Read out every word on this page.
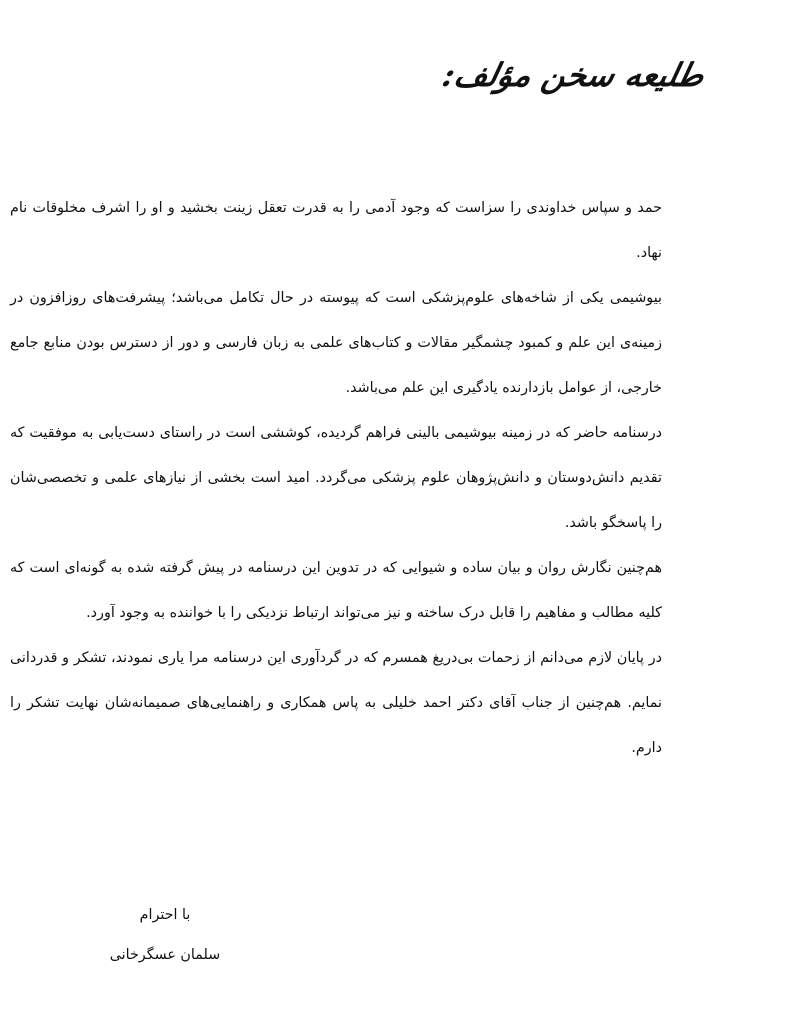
طلیعه سخن مؤلف:

حمد و سپاس خداوندی را سزاست که وجود آدمی را به قدرت تعقل زینت بخشید و او را اشرف مخلوقات نام نهاد.

بیوشیمی یکی از شاخه‌های علوم‌پزشکی است که پیوسته در حال تکامل می‌باشد؛ پیشرفت‌های روزافزون در زمینه‌ی این علم و کمبود چشمگیر مقالات و کتاب‌های علمی به زبان فارسی و دور از دسترس بودن منابع جامع خارجی، از عوامل بازدارنده یادگیری این علم می‌باشد.

درسنامه حاضر که در زمینه بیوشیمی بالینی فراهم گردیده، کوششی است در راستای دست‌یابی به موفقیت که تقدیم دانش‌دوستان و دانش‌پژوهان علوم پزشکی می‌گردد. امید است بخشی از نیازهای علمی و تخصصی‌شان را پاسخگو باشد.

هم‌چنین نگارش روان و بیان ساده و شیوایی که در تدوین این درسنامه در پیش گرفته شده به گونه‌ای است که کلیه مطالب و مفاهیم را قابل درک ساخته و نیز می‌تواند ارتباط نزدیکی را با خواننده به وجود آورد.

در پایان لازم می‌دانم از زحمات بی‌دریغ همسرم که در گردآوری این درسنامه مرا یاری نمودند، تشکر و قدردانی نمایم. هم‌چنین از جناب آقای دکتر احمد خلیلی به پاس همکاری و راهنمایی‌های صمیمانه‌شان نهایت تشکر را دارم.

با احترام
سلمان عسگرخانی
